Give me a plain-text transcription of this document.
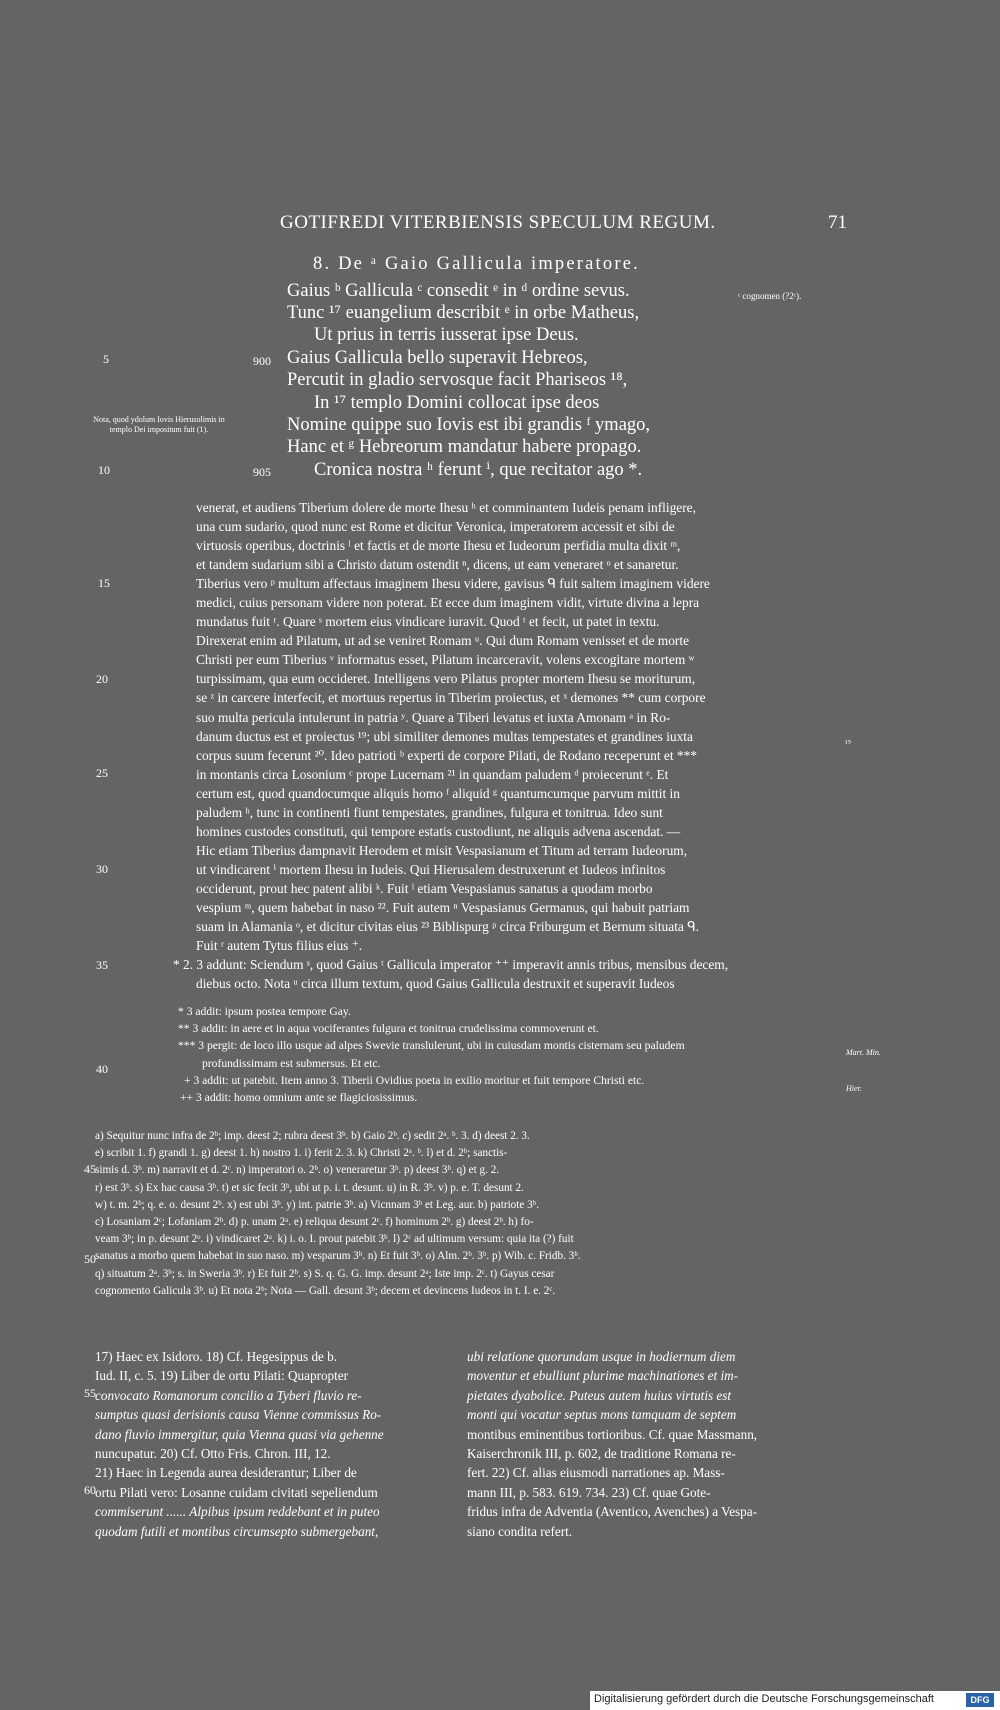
GOTIFREDI VITERBIENSIS SPECULUM REGUM.	71
8. De ᵃ Gaio Gallicula imperatore.
ᶜ cognomen (?2ᶜ).
Gaius ᵇ Gallicula ᶜ consedit ᵉ in ᵈ ordine sevus.
Tunc ¹⁷ euangelium describit ᵉ in orbe Matheus,
Ut prius in terris iusserat ipse Deus.
Gaius Gallicula bello superavit Hebreos,
Percutit in gladio servosque facit Phariseos ¹⁸,
In ¹⁷ templo Domini collocat ipse deos
Nomine quippe suo Iovis est ibi grandis ᶠ ymago,
Hanc et ᵍ Hebreorum mandatur habere propago.
Cronica nostra ʰ ferunt ⁱ, que recitator ago *.
900
905
Nota, quod ydolum Iovis Hierusolimis in templo Dei impositum fuit (1).
5
10
15
20
25
30
35
40
45
50
55
60

venerat, et audiens Tiberium dolere de morte Ihesu ʰ et comminantem Iudeis penam infligere,

una cum sudario, quod nunc est Rome et dicitur Veronica, imperatorem accessit et sibi de

virtuosis operibus, doctrinis ˡ et factis et de morte Ihesu et Iudeorum perfidia multa dixit ᵐ,

et tandem sudarium sibi a Christo datum ostendit ⁿ, dicens, ut eam veneraret ᵒ et sanaretur.

Tiberius vero ᵖ multum affectaus imaginem Ihesu videre, gavisus ᑫ fuit saltem imaginem videre

medici, cuius personam videre non poterat. Et ecce dum imaginem vidit, virtute divina a lepra

mundatus fuit ʳ. Quare ˢ mortem eius vindicare iuravit. Quod ᵗ et fecit, ut patet in textu.

Direxerat enim ad Pilatum, ut ad se veniret Romam ᵘ. Qui dum Romam venisset et de morte

Christi per eum Tiberius ᵛ informatus esset, Pilatum incarceravit, volens excogitare mortem ʷ

turpissimam, qua eum occideret. Intelligens vero Pilatus propter mortem Ihesu se moriturum,

se ᶻ in carcere interfecit, et mortuus repertus in Tiberim proiectus, et ˣ demones ** cum corpore

suo multa pericula intulerunt in patria ʸ. Quare a Tiberi levatus et iuxta Amonam ᵃ in Ro-

danum ductus est et proiectus ¹⁹; ubi similiter demones multas tempestates et grandines iuxta

corpus suum fecerunt ²⁰. Ideo patrioti ᵇ experti de corpore Pilati, de Rodano receperunt et ***

in montanis circa Losonium ᶜ prope Lucernam ²¹ in quandam paludem ᵈ proiecerunt ᵉ. Et

certum est, quod quandocumque aliquis homo ᶠ aliquid ᵍ quantumcumque parvum mittit in

paludem ʰ, tunc in continenti fiunt tempestates, grandines, fulgura et tonitrua. Ideo sunt

homines custodes constituti, qui tempore estatis custodiunt, ne aliquis advena ascendat. —

Hic etiam Tiberius dampnavit Herodem et misit Vespasianum et Titum ad terram Iudeorum,

ut vindicarent ⁱ mortem Ihesu in Iudeis. Qui Hierusalem destruxerunt et Iudeos infinitos

occiderunt, prout hec patent alibi ᵏ. Fuit ˡ etiam Vespasianus sanatus a quodam morbo

vespium ᵐ, quem habebat in naso ²². Fuit autem ⁿ Vespasianus Germanus, qui habuit patriam

suam in Alamania ᵒ, et dicitur civitas eius ²³ Biblispurg ᵖ circa Friburgum et Bernum situata ᑫ.

Fuit ʳ autem Tytus filius eius ⁺.

* 2. 3 addunt: Sciendum ˢ, quod Gaius ᵗ Gallicula imperator ⁺⁺ imperavit annis tribus, mensibus decem,

diebus octo. Nota ᵘ circa illum textum, quod Gaius Gallicula destruxit et superavit Iudeos

¹⁹
* 3 addit: ipsum postea tempore Gay.
** 3 addit: in aere et in aqua vociferantes fulgura et tonitrua crudelissima commoverunt et.
*** 3 pergit: de loco illo usque ad alpes Swevie translulerunt, ubi in cuiusdam montis cisternam seu paludem
profundissimam est submersus. Et etc.
+ 3 addit: ut patebit. Item anno 3. Tiberii Ovidius poeta in exilio moritur et fuit tempore Christi etc.
++ 3 addit: homo omnium ante se flagiciosissimus.
Mart. Min.
Hier.
a) Sequitur nunc infra de 2ᵇ; imp. deest 2; rubra deest 3ᵇ. b) Gaio 2ᵇ. c) sedit 2ᵃ. ᵇ. 3. d) deest 2. 3.
e) scribit 1. f) grandi 1. g) deest 1. h) nostro 1. i) ferit 2. 3. k) Christi 2ᵃ. ᵇ. l) et d. 2ᵇ; sanctis-
simis d. 3ᵇ. m) narravit et d. 2ᶜ. n) imperatori o. 2ᵇ. o) veneraretur 3ᵇ. p) deest 3ᵇ. q) et g. 2.
r) est 3ᵇ. s) Ex hac causa 3ᵇ. t) et sic fecit 3ᵇ, ubi ut p. i. t. desunt. u) in R. 3ᵇ. v) p. e. T. desunt 2.
w) t. m. 2ᵇ; q. e. o. desunt 2ᵇ. x) est ubi 3ᵇ. y) int. patrie 3ᵇ. a) Vicnnam 3ᵇ et Leg. aur. b) patriote 3ᵇ.
c) Losaniam 2ᶜ; Lofaniam 2ᵇ. d) p. unam 2ᵃ. e) reliqua desunt 2ᶜ. f) hominum 2ᵇ. g) deest 2ᵇ. h) fo-
veam 3ᵇ; in p. desunt 2ᵒ. i) vindicaret 2ᵃ. k) i. o. I. prout patebit 3ᵇ. l) 2ᶜ ad ultimum versum: quia ita (?) fuit
sanatus a morbo quem habebat in suo naso. m) vesparum 3ᵇ. n) Et fuit 3ᵇ. o) Alm. 2ᵇ. 3ᵇ. p) Wib. c. Fridb. 3ᵇ.
q) situatum 2ᵃ. 3ᵇ; s. in Sweria 3ᵇ. r) Et fuit 2ᵇ. s) S. q. G. G. imp. desunt 2ᵃ; Iste imp. 2ᶜ. t) Gayus cesar
cognomento Galicula 3ᵇ. u) Et nota 2ᵇ; Nota — Gall. desunt 3ᵇ; decem et devincens Iudeos in t. I. e. 2ᶜ.
17) Haec ex Isidoro. 18) Cf. Hegesippus de b.
Iud. II, c. 5. 19) Liber de ortu Pilati: Quapropter
convocato Romanorum concilio a Tyberi fluvio re-
sumptus quasi derisionis causa Vienne commissus Ro-
dano fluvio immergitur, quia Vienna quasi via gehenne
nuncupatur. 20) Cf. Otto Fris. Chron. III, 12.
21) Haec in Legenda aurea desiderantur; Liber de
ortu Pilati vero: Losanne cuidam civitati sepeliendum
commiserunt ...... Alpibus ipsum reddebant et in puteo
quodam futili et montibus circumsepto submergebant,
ubi relatione quorundam usque in hodiernum diem
moventur et ebulliunt plurime machinationes et im-
pietates dyabolice. Puteus autem huius virtutis est
monti qui vocatur septus mons tamquam de septem
montibus eminentibus tortioribus. Cf. quae Massmann,
Kaiserchronik III, p. 602, de traditione Romana re-
fert. 22) Cf. alias eiusmodi narrationes ap. Mass-
mann III, p. 583. 619. 734. 23) Cf. quae Gote-
fridus infra de Adventia (Aventico, Avenches) a Vespa-
siano condita refert.
Digitalisierung gefördert durch die Deutsche Forschungsgemeinschaft	DFG
